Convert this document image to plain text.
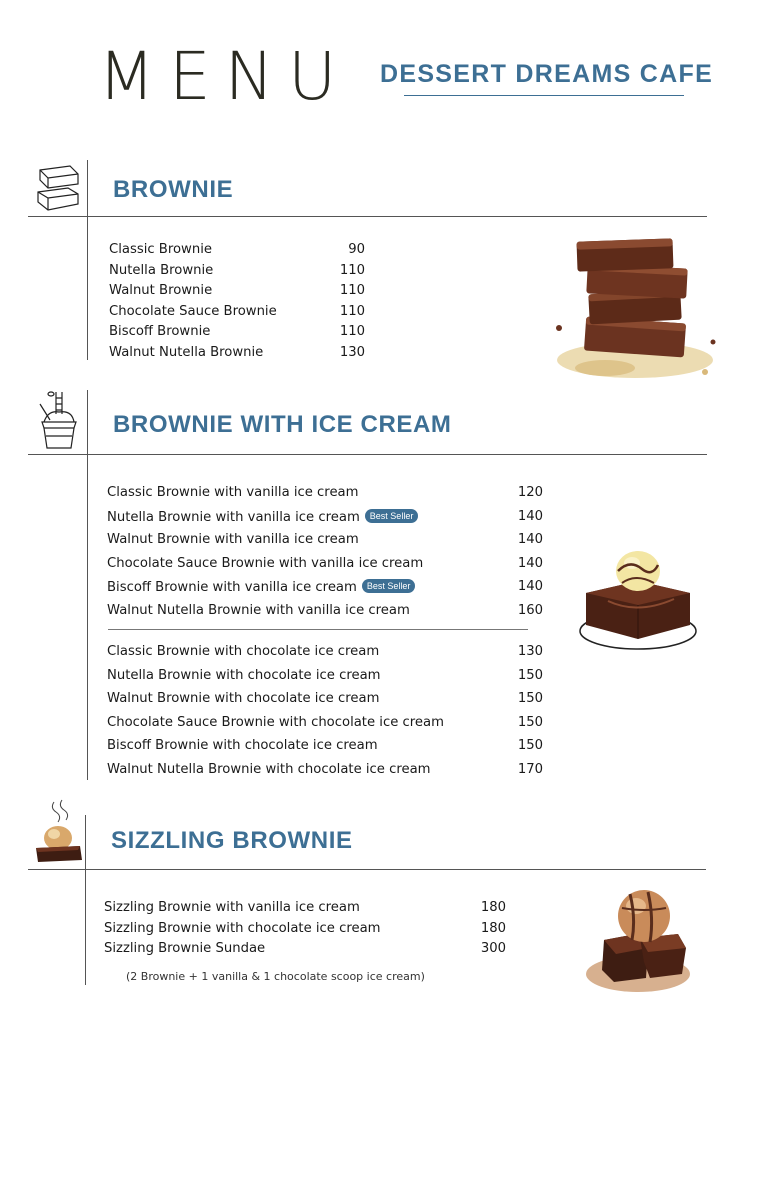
MENU DESSERT DREAMS CAFE
BROWNIE
Classic Brownie	90
Nutella Brownie	110
Walnut Brownie	110
Chocolate Sauce Brownie	110
Biscoff Brownie	110
Walnut Nutella Brownie	130
BROWNIE WITH ICE CREAM
Classic Brownie with vanilla ice cream	120
Nutella Brownie with vanilla ice cream Best Seller	140
Walnut Brownie with vanilla ice cream	140
Chocolate Sauce Brownie with vanilla ice cream	140
Biscoff Brownie with vanilla ice cream Best Seller	140
Walnut Nutella Brownie with vanilla ice cream	160
Classic Brownie with chocolate ice cream	130
Nutella Brownie with chocolate ice cream	150
Walnut Brownie with chocolate ice cream	150
Chocolate Sauce Brownie with chocolate ice cream	150
Biscoff Brownie with chocolate ice cream	150
Walnut Nutella Brownie with chocolate ice cream	170
SIZZLING BROWNIE
Sizzling Brownie with vanilla ice cream	180
Sizzling Brownie with chocolate ice cream	180
Sizzling Brownie Sundae	300
(2 Brownie + 1 vanilla & 1 chocolate scoop ice cream)
